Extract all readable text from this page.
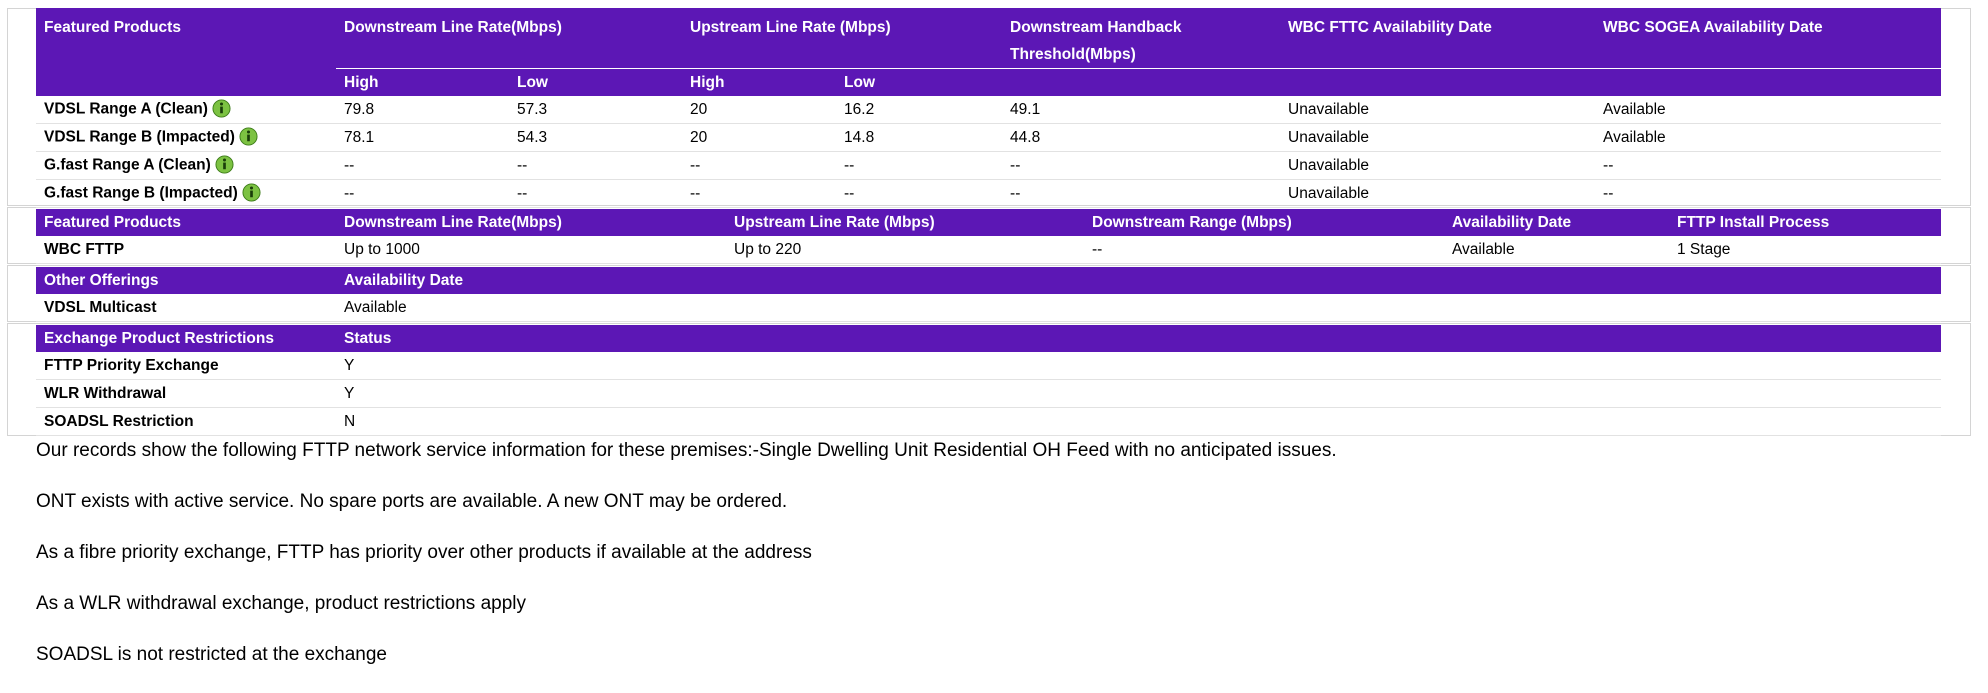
Featured Products	Downstream Line Rate(Mbps)		Upstream Line Rate (Mbps)		Downstream Handback
Threshold(Mbps)	WBC FTTC Availability Date	WBC SOGEA Availability Date
	High	Low	High	Low			
VDSL Range A (Clean)	79.8	57.3	20	16.2	49.1	Unavailable	Available
VDSL Range B (Impacted)	78.1	54.3	20	14.8	44.8	Unavailable	Available
G.fast Range A (Clean)	--	--	--	--	--	Unavailable	--
G.fast Range B (Impacted)	--	--	--	--	--	Unavailable	--
Featured Products	Downstream Line Rate(Mbps)	Upstream Line Rate (Mbps)	Downstream Range (Mbps)	Availability Date	FTTP Install Process
WBC FTTP	Up to 1000	Up to 220	--	Available	1 Stage
Other Offerings	Availability Date
VDSL Multicast	Available
Exchange Product Restrictions	Status
FTTP Priority Exchange	Y
WLR Withdrawal	Y
SOADSL Restriction	N

Our records show the following FTTP network service information for these premises:-Single Dwelling Unit Residential OH Feed with no anticipated issues.

ONT exists with active service. No spare ports are available. A new ONT may be ordered.

As a fibre priority exchange, FTTP has priority over other products if available at the address

As a WLR withdrawal exchange, product restrictions apply

SOADSL is not restricted at the exchange
